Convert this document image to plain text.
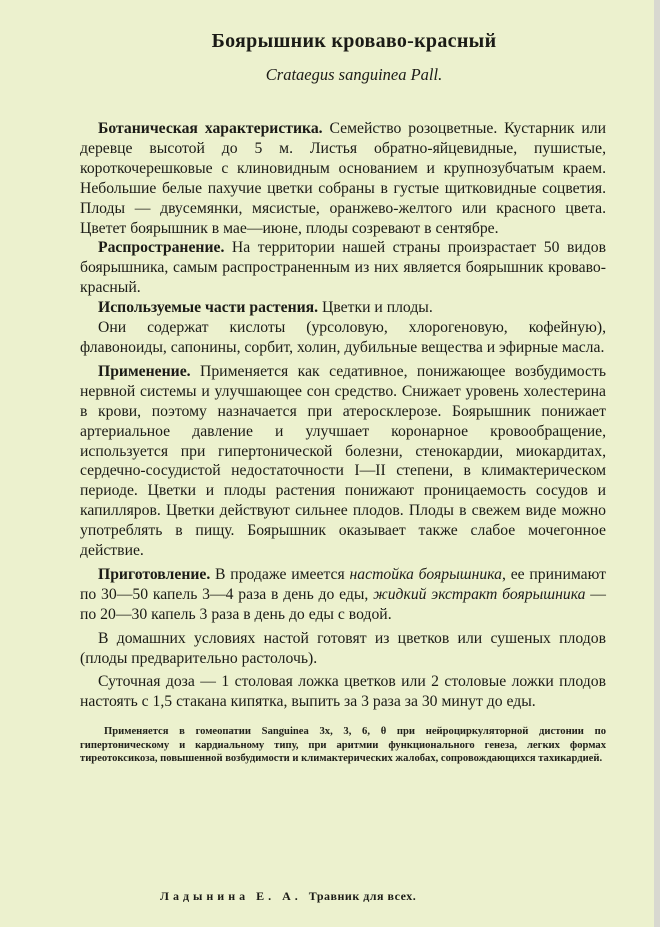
Боярышник кроваво-красный
Crataegus sanguinea Pall.

Ботаническая характеристика. Семейство розоцветные. Кустарник или деревце высотой до 5 м. Листья обратно-яйцевидные, пушистые, короткочерешковые с клиновидным основанием и крупнозубчатым краем. Небольшие белые пахучие цветки собраны в густые щитковидные соцветия. Плоды — двусемянки, мясистые, оранжево-желтого или красного цвета. Цветет боярышник в мае—июне, плоды созревают в сентябре.

Распространение. На территории нашей страны произрастает 50 видов боярышника, самым распространенным из них является боярышник кроваво-красный.

Используемые части растения. Цветки и плоды.

Они содержат кислоты (урсоловую, хлорогеновую, кофейную), флавоноиды, сапонины, сорбит, холин, дубильные вещества и эфирные масла.

Применение. Применяется как седативное, понижающее возбудимость нервной системы и улучшающее сон средство. Снижает уровень холестерина в крови, поэтому назначается при атеросклерозе. Боярышник понижает артериальное давление и улучшает коронарное кровообращение, используется при гипертонической болезни, стенокардии, миокардитах, сердечно-сосудистой недостаточности I—II степени, в климактерическом периоде. Цветки и плоды растения понижают проницаемость сосудов и капилляров. Цветки действуют сильнее плодов. Плоды в свежем виде можно употреблять в пищу. Боярышник оказывает также слабое мочегонное действие.

Приготовление. В продаже имеется настойка боярышника, ее принимают по 30—50 капель 3—4 раза в день до еды, жидкий экстракт боярышника — по 20—30 капель 3 раза в день до еды с водой.

В домашних условиях настой готовят из цветков или сушеных плодов (плоды предварительно растолочь).

Суточная доза — 1 столовая ложка цветков или 2 столовые ложки плодов настоять с 1,5 стакана кипятка, выпить за 3 раза за 30 минут до еды.

Применяется в гомеопатии Sanguinea 3х, 3, 6, θ при нейроциркуляторной дистонии по гипертоническому и кардиальному типу, при аритмии функционального генеза, легких формах тиреотоксикоза, повышенной возбудимости и климактерических жалобах, сопровождающихся тахикардией.
Ладынина Е. А. Травник для всех.
